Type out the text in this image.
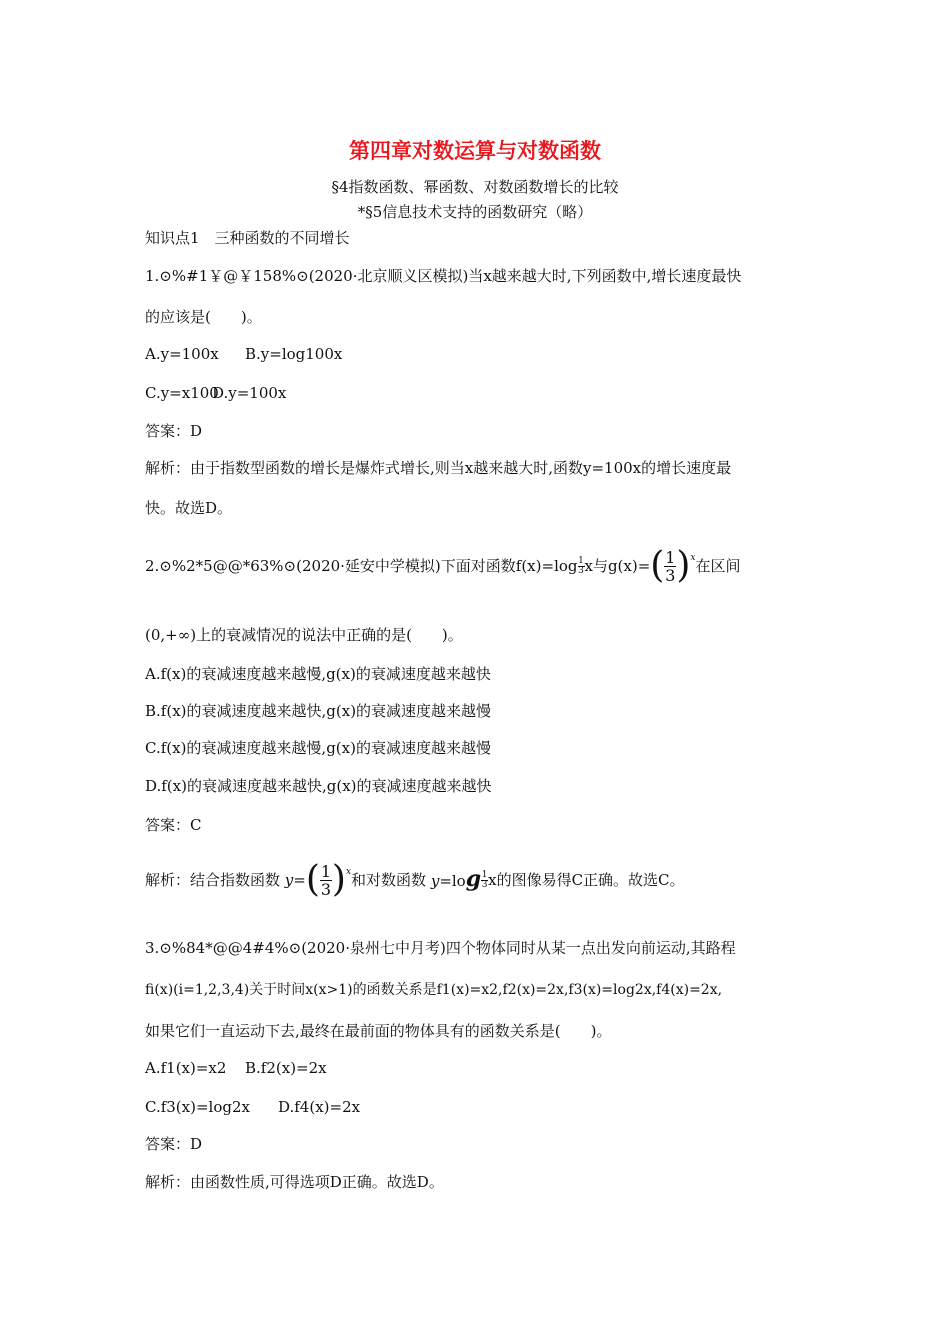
第四章对数运算与对数函数
§4指数函数、幂函数、对数函数增长的比较
*§5信息技术支持的函数研究（略）
知识点1　三种函数的不同增长
1.⊙%#1￥@￥158%⊙(2020·北京顺义区模拟)当x越来越大时,下列函数中,增长速度最快
的应该是(　　)。
A.y=100x B.y=log100x
C.y=x100
D.y=100x
答案：D
解析：由于指数型函数的增长是爆炸式增长,则当x越来越大时,函数y=100x的增长速度最
快。故选D。
2.⊙%2*5@@*63%⊙(2020·延安中学模拟)下面对函数 f(x)=log 1
3 x与g(x)= ( 1
3 ) $^x$ 在区间
(0,+∞)上的衰减情况的说法中正确的是(　　)。
A.f(x)的衰减速度越来越慢,g(x)的衰减速度越来越快
B.f(x)的衰减速度越来越快,g(x)的衰减速度越来越慢
C.f(x)的衰减速度越来越慢,g(x)的衰减速度越来越慢
D.f(x)的衰减速度越来越快,g(x)的衰减速度越来越快
答案：C
解析：结合指数函数 y= ( 1
3 ) $^x$ 和对数函数 y=log 1
3 x的图像易得C正确。故选C。
3.⊙%84*@@4#4%⊙(2020·泉州七中月考)四个物体同时从某一点出发向前运动,其路程
fi(x)(i=1,2,3,4)关于时间x(x>1)的函数关系是f1(x)=x2,f2(x)=2x,f3(x)=log2x,f4(x)=2x,
如果它们一直运动下去,最终在最前面的物体具有的函数关系是(　　)。
A.f1(x)=x2 B.f2(x)=2x
C.f3(x)=log2x D.f4(x)=2x
答案：D
解析：由函数性质,可得选项D正确。故选D。
